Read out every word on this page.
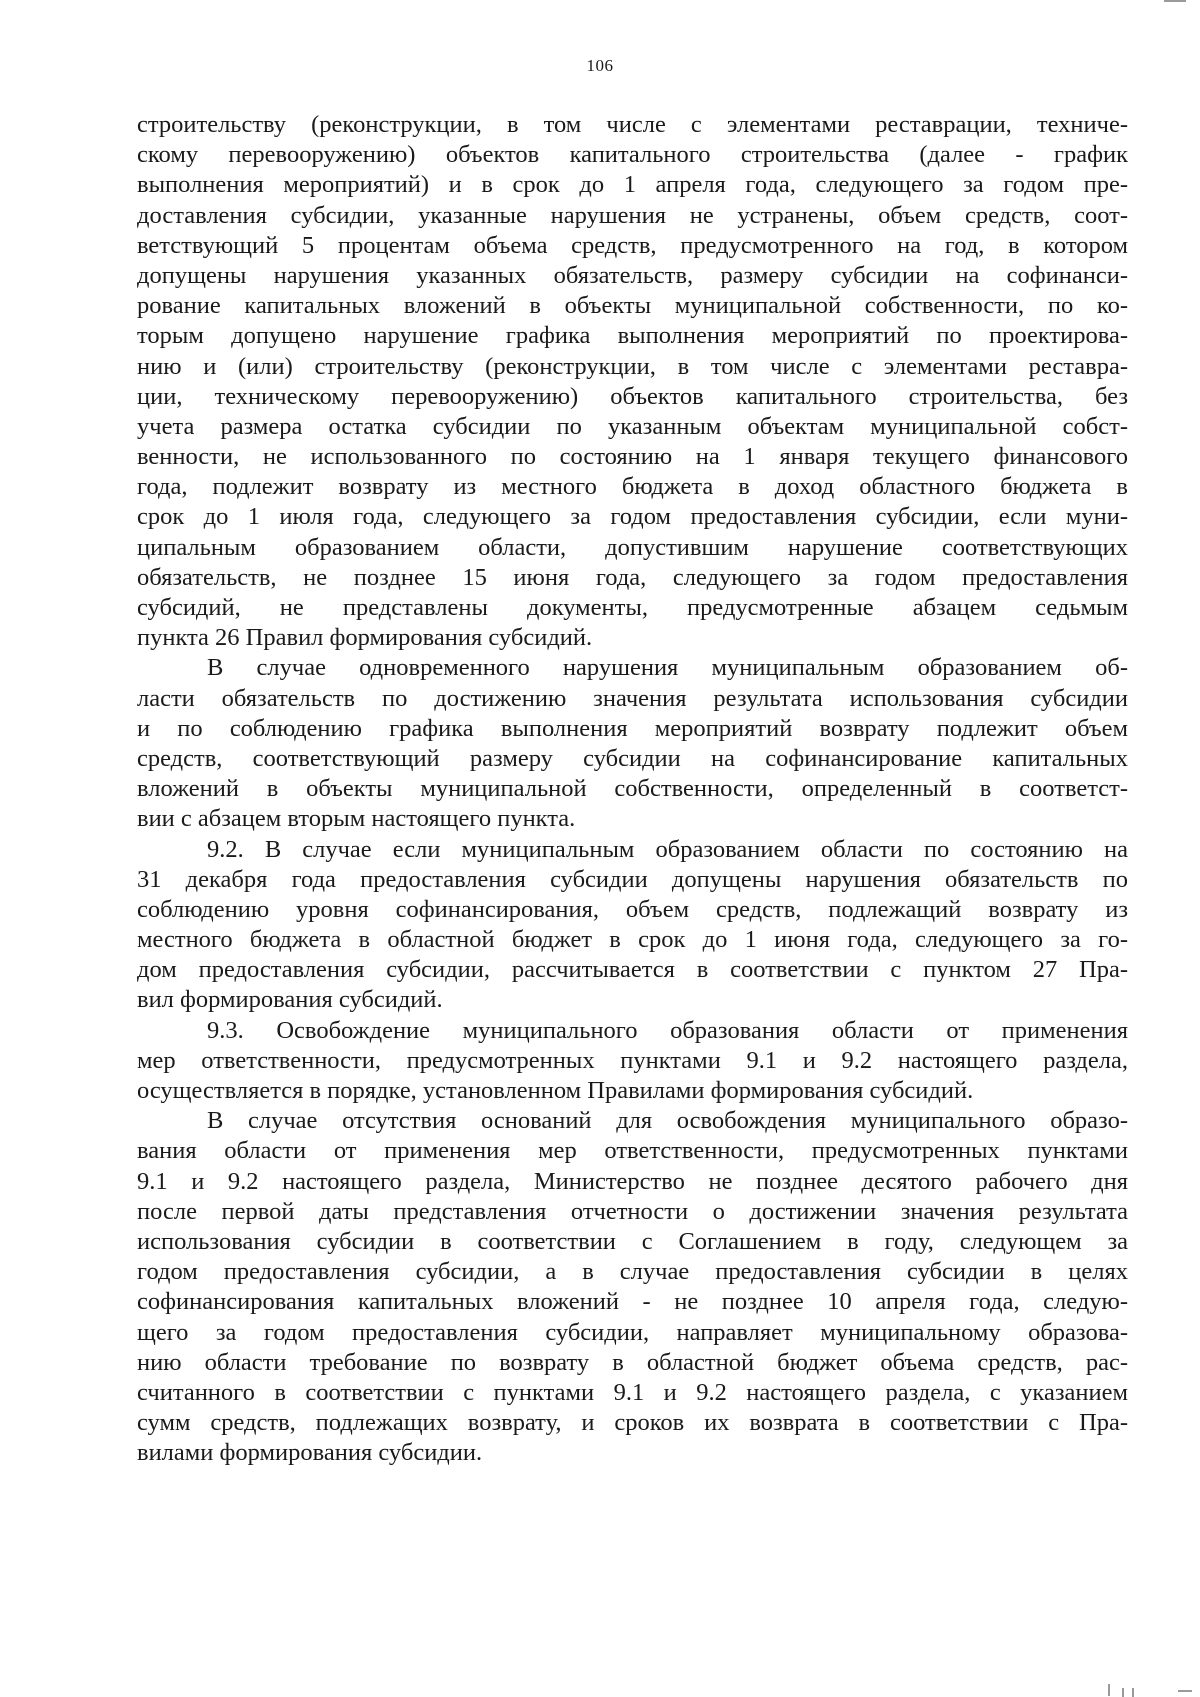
106
строительству (реконструкции, в том числе с элементами реставрации, техниче-
скому перевооружению) объектов капитального строительства (далее - график
выполнения мероприятий) и в срок до 1 апреля года, следующего за годом пре-
доставления субсидии, указанные нарушения не устранены, объем средств, соот-
ветствующий 5 процентам объема средств, предусмотренного на год, в котором
допущены нарушения указанных обязательств, размеру субсидии на софинанси-
рование капитальных вложений в объекты муниципальной собственности, по ко-
торым допущено нарушение графика выполнения мероприятий по проектирова-
нию и (или) строительству (реконструкции, в том числе с элементами реставра-
ции, техническому перевооружению) объектов капитального строительства, без
учета размера остатка субсидии по указанным объектам муниципальной собст-
венности, не использованного по состоянию на 1 января текущего финансового
года, подлежит возврату из местного бюджета в доход областного бюджета в
срок до 1 июля года, следующего за годом предоставления субсидии, если муни-
ципальным образованием области, допустившим нарушение соответствующих
обязательств, не позднее 15 июня года, следующего за годом предоставления
субсидий, не представлены документы, предусмотренные абзацем седьмым
пункта 26 Правил формирования субсидий.
В случае одновременного нарушения муниципальным образованием об-
ласти обязательств по достижению значения результата использования субсидии
и по соблюдению графика выполнения мероприятий возврату подлежит объем
средств, соответствующий размеру субсидии на софинансирование капитальных
вложений в объекты муниципальной собственности, определенный в соответст-
вии с абзацем вторым настоящего пункта.
9.2. В случае если муниципальным образованием области по состоянию на
31 декабря года предоставления субсидии допущены нарушения обязательств по
соблюдению уровня софинансирования, объем средств, подлежащий возврату из
местного бюджета в областной бюджет в срок до 1 июня года, следующего за го-
дом предоставления субсидии, рассчитывается в соответствии с пунктом 27 Пра-
вил формирования субсидий.
9.3. Освобождение муниципального образования области от применения
мер ответственности, предусмотренных пунктами 9.1 и 9.2 настоящего раздела,
осуществляется в порядке, установленном Правилами формирования субсидий.
В случае отсутствия оснований для освобождения муниципального образо-
вания области от применения мер ответственности, предусмотренных пунктами
9.1 и 9.2 настоящего раздела, Министерство не позднее десятого рабочего дня
после первой даты представления отчетности о достижении значения результата
использования субсидии в соответствии с Соглашением в году, следующем за
годом предоставления субсидии, а в случае предоставления субсидии в целях
софинансирования капитальных вложений - не позднее 10 апреля года, следую-
щего за годом предоставления субсидии, направляет муниципальному образова-
нию области требование по возврату в областной бюджет объема средств, рас-
считанного в соответствии с пунктами 9.1 и 9.2 настоящего раздела, с указанием
сумм средств, подлежащих возврату, и сроков их возврата в соответствии с Пра-
вилами формирования субсидии.
